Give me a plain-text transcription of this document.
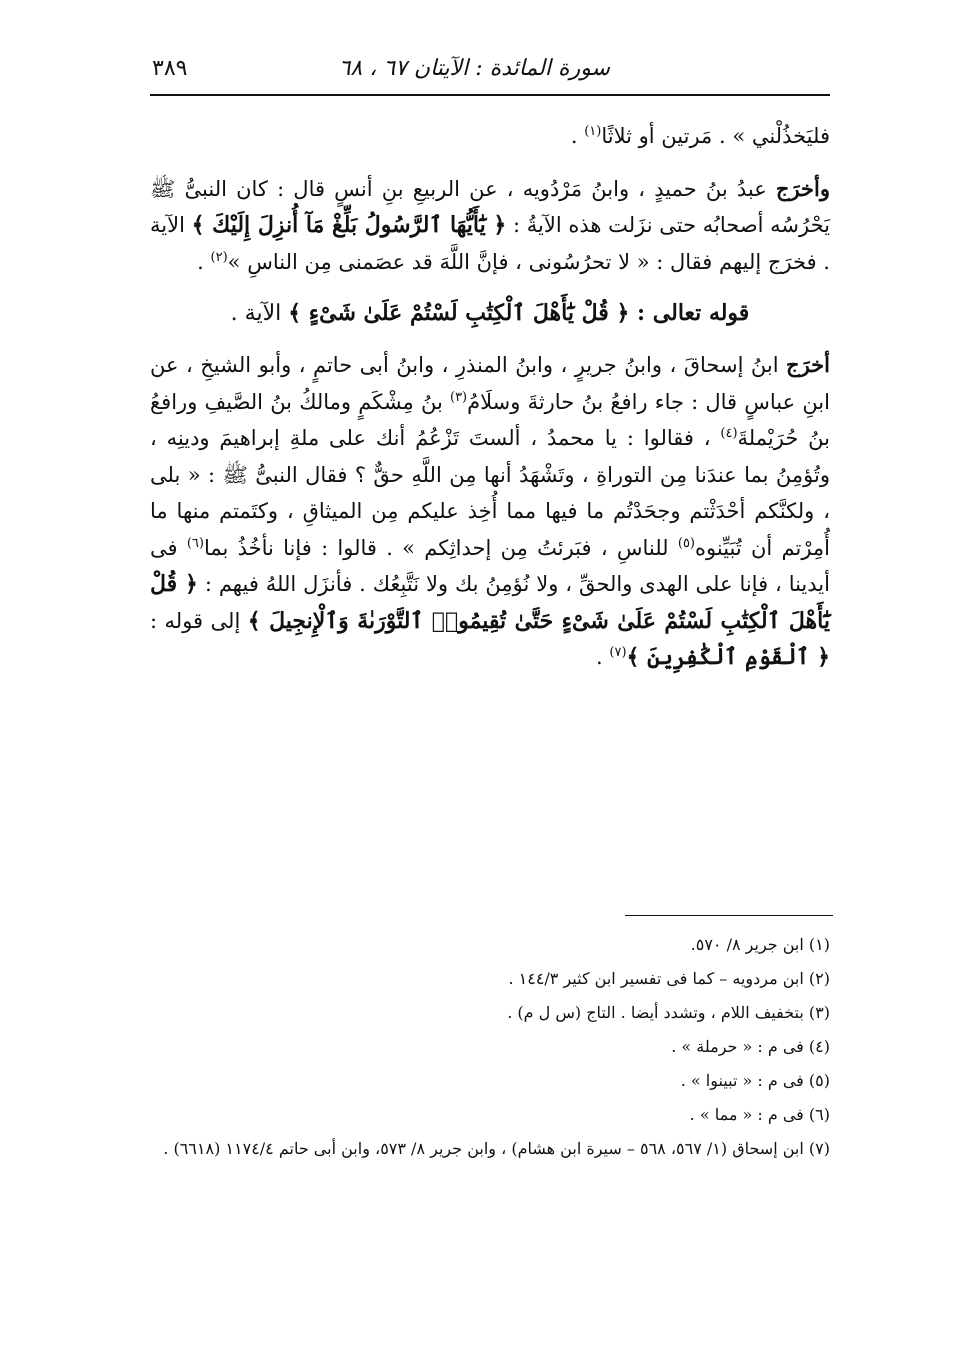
سورة المائدة : الآيتان ٦٧ ، ٦٨
٣٨٩

فليَخذُلْني » . مَرتين أو ثلاثًا$^{(١)}$ .

وأخرَج عبدُ بنُ حميدٍ ، وابنُ مَرْدُويه ، عن الربيعِ بنِ أنسٍ قال : كان النبىُّ ﷺ يَحْرُسُه أصحابُه حتى نزَلت هذه الآيةُ : ﴿ يَٰٓأَيُّهَا ٱلرَّسُولُ بَلِّغْ مَآ أُنزِلَ إِلَيْكَ ﴾ الآية . فخرَج إليهم فقال : « لا تحرُسُونى ، فإنَّ اللَّهَ قد عصَمنى مِن الناسِ »$^{(٢)}$ .

قوله تعالى : ﴿ قُلْ يَٰٓأَهْلَ ٱلْكِتَٰبِ لَسْتُمْ عَلَىٰ شَىْءٍ ﴾ الآية .

أخرَج ابنُ إسحاقَ ، وابنُ جريرٍ ، وابنُ المنذرِ ، وابنُ أبى حاتمٍ ، وأبو الشيخِ ، عن ابنِ عباسٍ قال : جاء رافعُ بنُ حارثةَ وسلَامُ$^{(٣)}$ بنُ مِشْكَمٍ ومالكُ بنُ الصَّيفِ ورافعُ بنُ حُرَيْملةَ$^{(٤)}$ ، فقالوا : يا محمدُ ، ألستَ تَزْعُمُ أنك على ملةِ إبراهيمَ ودينِه ، وتُؤمِنُ بما عندَنا مِن التوراةِ ، وتَشْهَدُ أنها مِن اللَّهِ حقٌّ ؟ فقال النبىُّ ﷺ : « بلى ، ولكنَّكم أحْدَثْتم وجحَدْتُم ما فيها مما أُخِذ عليكم مِن الميثاقِ ، وكتَمتم منها ما أُمِرْتم أن تُبَيِّنوه$^{(٥)}$ للناسِ ، فبَرئتُ مِن إحداثِكم » . قالوا : فإنا نأخُذُ بما$^{(٦)}$ فى أيدينا ، فإنا على الهدى والحقِّ ، ولا نُؤمِنُ بك ولا نَتَّبِعُك . فأنزَل اللهُ فيهم : ﴿ قُلْ يَٰٓأَهْلَ ٱلْكِتَٰبِ لَسْتُمْ عَلَىٰ شَىْءٍ حَتَّىٰ تُقِيمُوا۟ ٱلتَّوْرَىٰةَ وَٱلْإِنجِيلَ ﴾ إلى قوله : ﴿ ٱلْقَوْمِ ٱلْكَٰفِرِينَ ﴾$^{(٧)}$ .

(١) ابن جرير ٨/ ٥٧٠.

(٢) ابن مردويه – كما فى تفسير ابن كثير ١٤٤/٣ .

(٣) بتخفيف اللام ، وتشدد أيضا . التاج (س ل م) .

(٤) فى م : « حرملة » .

(٥) فى م : « تبينوا » .

(٦) فى م : « مما » .

(٧) ابن إسحاق (١/ ٥٦٧، ٥٦٨ – سيرة ابن هشام) ، وابن جرير ٨/ ٥٧٣، وابن أبى حاتم ١١٧٤/٤ (٦٦١٨) .
